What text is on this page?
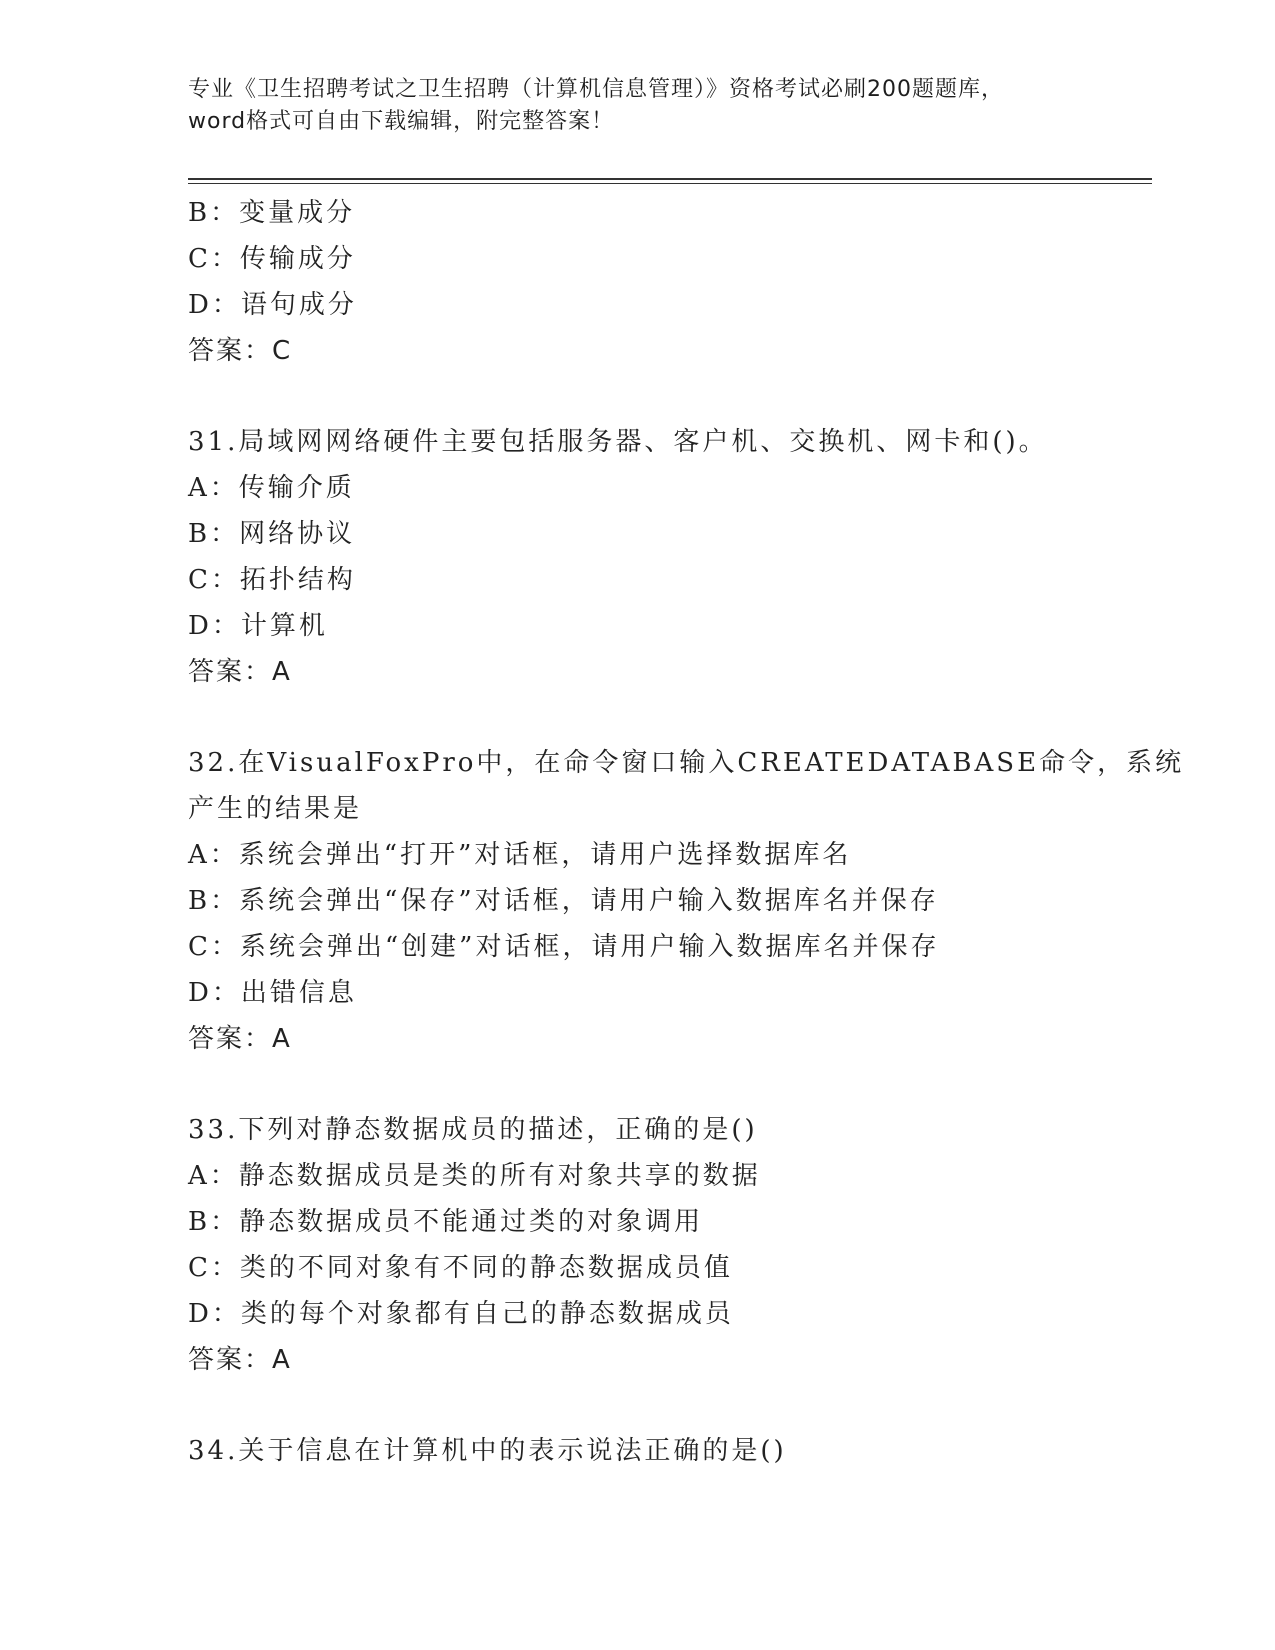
专业《卫生招聘考试之卫生招聘（计算机信息管理）》资格考试必刷200题题库，
word格式可自由下载编辑，附完整答案！
B：变量成分
C：传输成分
D：语句成分
答案：C
31.局域网网络硬件主要包括服务器、客户机、交换机、网卡和()。
A：传输介质
B：网络协议
C：拓扑结构
D：计算机
答案：A
32.在VisualFoxPro中，在命令窗口输入CREATEDATABASE命令，系统
产生的结果是
A：系统会弹出“打开”对话框，请用户选择数据库名
B：系统会弹出“保存”对话框，请用户输入数据库名并保存
C：系统会弹出“创建”对话框，请用户输入数据库名并保存
D：出错信息
答案：A
33.下列对静态数据成员的描述，正确的是()
A：静态数据成员是类的所有对象共享的数据
B：静态数据成员不能通过类的对象调用
C：类的不同对象有不同的静态数据成员值
D：类的每个对象都有自己的静态数据成员
答案：A
34.关于信息在计算机中的表示说法正确的是()
